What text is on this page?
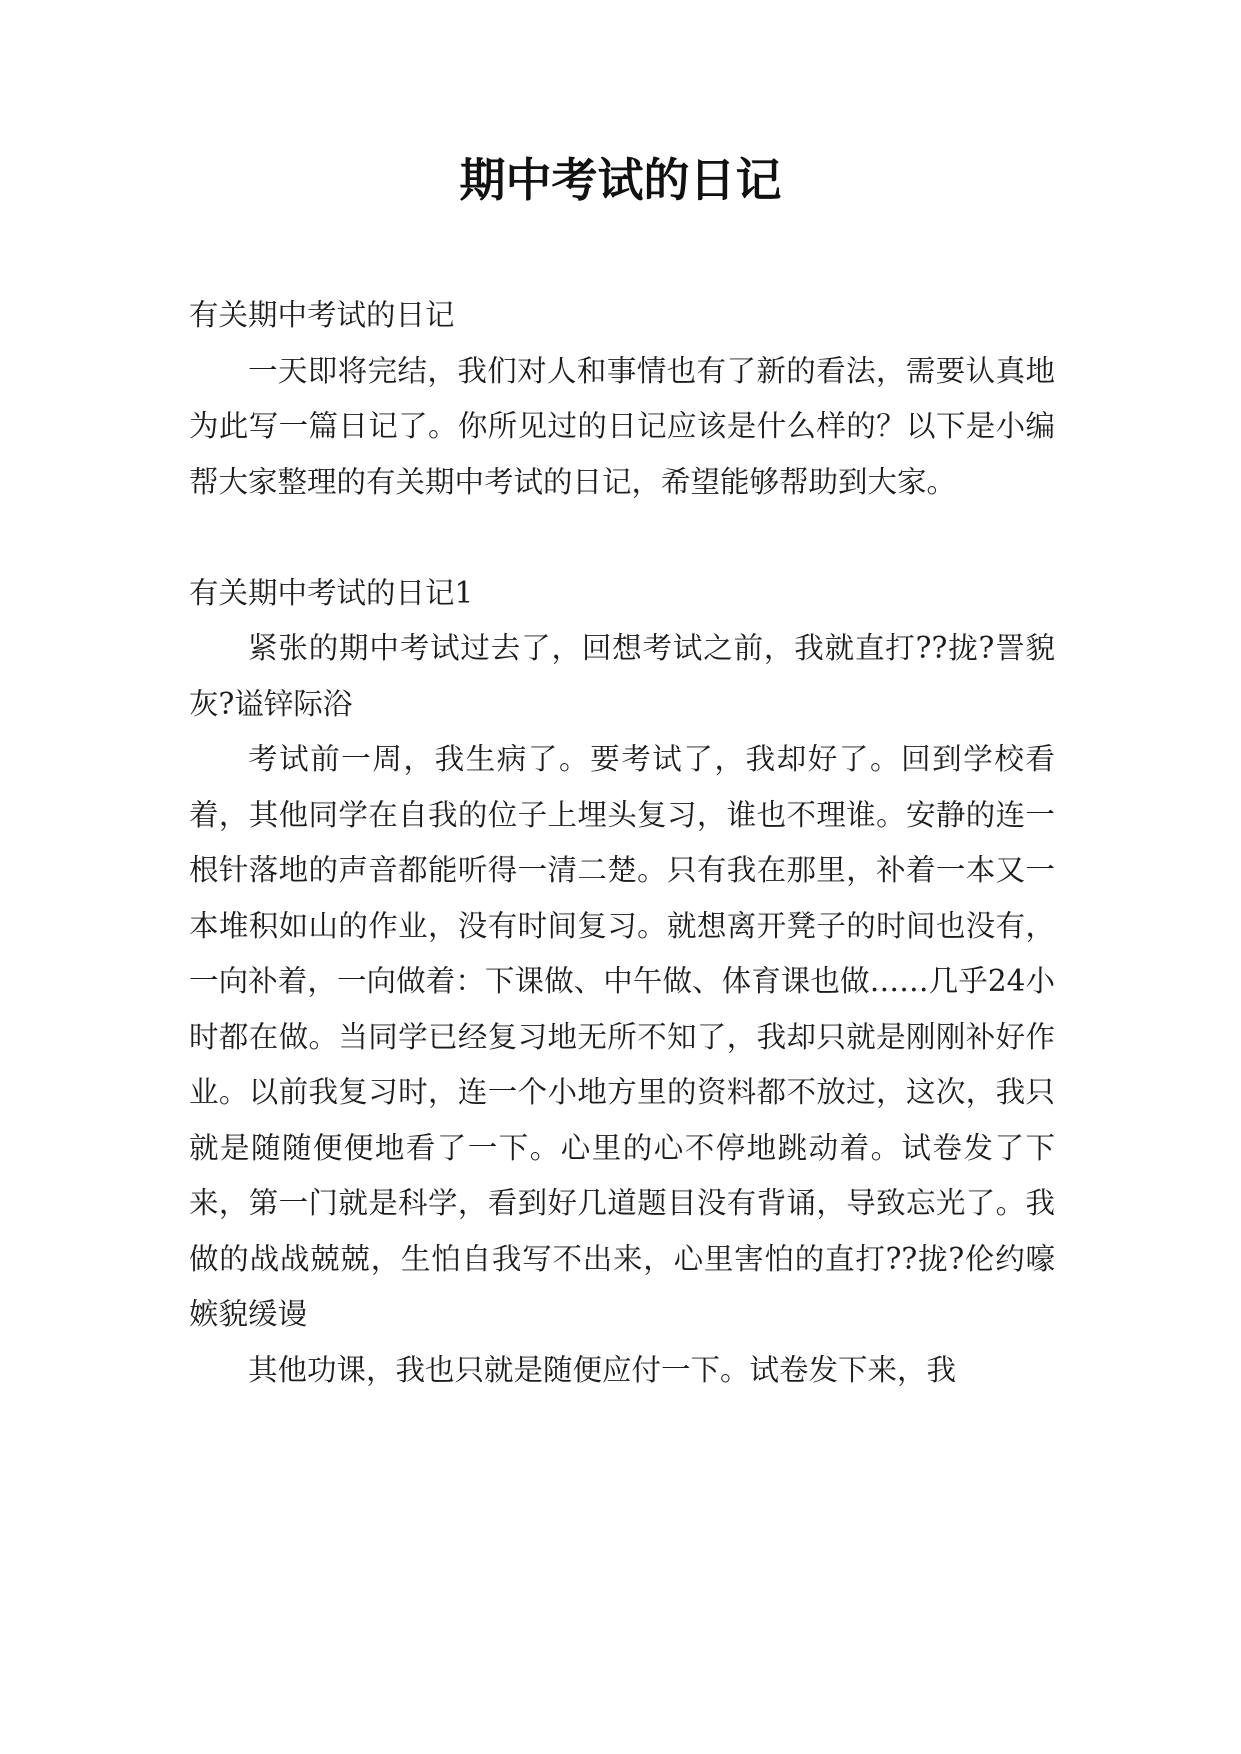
期中考试的日记

有关期中考试的日记

一天即将完结，我们对人和事情也有了新的看法，需要认真地为此写一篇日记了。你所见过的日记应该是什么样的？以下是小编帮大家整理的有关期中考试的日记，希望能够帮助到大家。

有关期中考试的日记1

紧张的期中考试过去了，回想考试之前，我就直打??拢?詈貌灰?谥锌际浴

考试前一周，我生病了。要考试了，我却好了。回到学校看着，其他同学在自我的位子上埋头复习，谁也不理谁。安静的连一根针落地的声音都能听得一清二楚。只有我在那里，补着一本又一本堆积如山的作业，没有时间复习。就想离开凳子的时间也没有，一向补着，一向做着：下课做、中午做、体育课也做……几乎24小时都在做。当同学已经复习地无所不知了，我却只就是刚刚补好作业。以前我复习时，连一个小地方里的资料都不放过，这次，我只就是随随便便地看了一下。心里的心不停地跳动着。试卷发了下来，第一门就是科学，看到好几道题目没有背诵，导致忘光了。我做的战战兢兢，生怕自我写不出来，心里害怕的直打??拢?伦约嚎嫉貌缓谩

其他功课，我也只就是随便应付一下。试卷发下来，我
